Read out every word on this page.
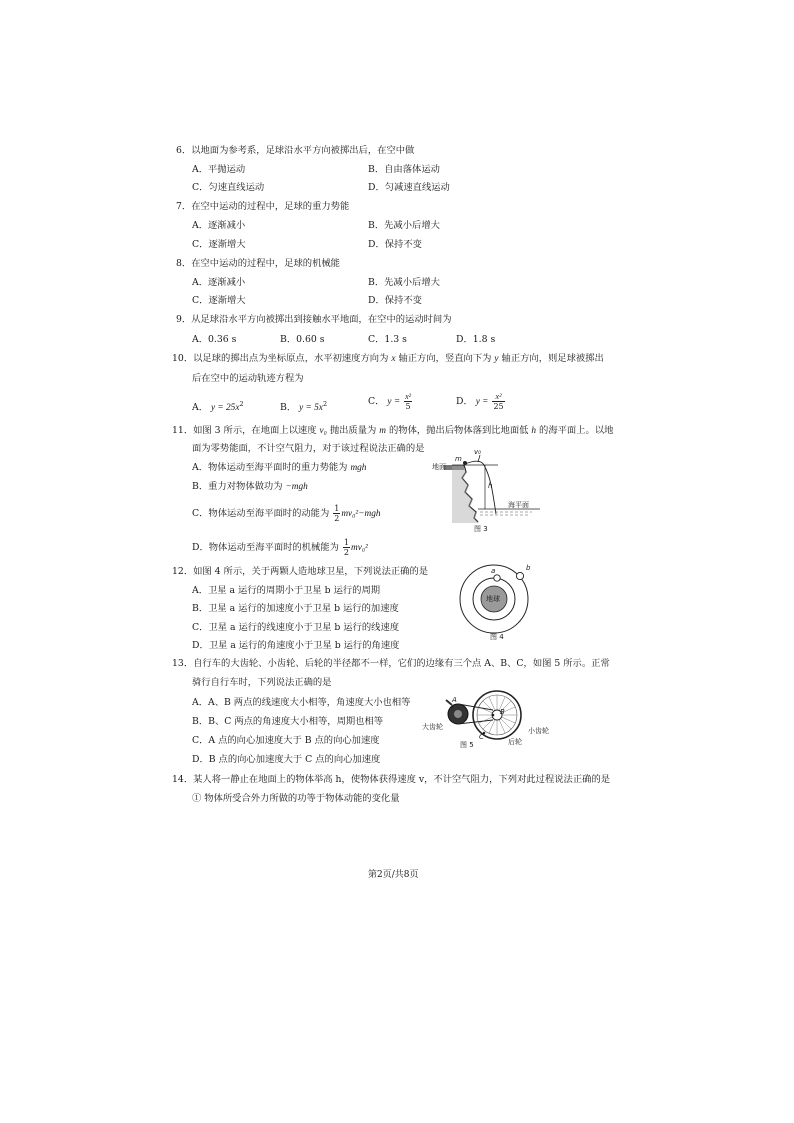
6．以地面为参考系，足球沿水平方向被掷出后，在空中做
A．平抛运动	B．自由落体运动
C．匀速直线运动	D．匀减速直线运动
7．在空中运动的过程中，足球的重力势能
A．逐渐减小	B．先减小后增大
C．逐渐增大	D．保持不变
8．在空中运动的过程中，足球的机械能
A．逐渐减小	B．先减小后增大
C．逐渐增大	D．保持不变
9．从足球沿水平方向被掷出到接触水平地面，在空中的运动时间为
A．0.36 s	B．0.60 s	C．1.3 s	D．1.8 s
10．以足球的掷出点为坐标原点，水平初速度方向为 x 轴正方向，竖直向下为 y 轴正方向，则足球被掷出
后在空中的运动轨迹方程为
A． $y = 25x^2$	B． $y = 5x^2$	C． $y = \frac{\text{x²}}{5}$	D． $y = \frac{\text{x²}}{25}$
11．如图 3 所示，在地面上以速度 v₀ 抛出质量为 m 的物体，抛出后物体落到比地面低 h 的海平面上。以地
面为零势能面，不计空气阻力，对于该过程说法正确的是
A．物体运动至海平面时的重力势能为 mgh
B．重力对物体做功为 −mgh
C．物体运动至海平面时的动能为 $\frac{1}{2} mv_0^2-mgh$
D．物体运动至海平面时的机械能为 $\frac{1}{2} mv_0^2$
地面
m
v₀
h
海平面
图 3
12．如图 4 所示，关于两颗人造地球卫星，下列说法正确的是
A．卫星 a 运行的周期小于卫星 b 运行的周期
B．卫星 a 运行的加速度小于卫星 b 运行的加速度
C．卫星 a 运行的线速度小于卫星 b 运行的线速度
D．卫星 a 运行的角速度小于卫星 b 运行的角速度
地球
a	b
图 4
13．自行车的大齿轮、小齿轮、后轮的半径都不一样，它们的边缘有三个点 A、B、C，如图 5 所示。正常
骑行自行车时，下列说法正确的是
A．A、B 两点的线速度大小相等，角速度大小也相等
B．B、C 两点的角速度大小相等，周期也相等
C．A 点的向心加速度大于 B 点的向心加速度
D．B 点的向心加速度大于 C 点的向心加速度
A
B
C
大齿轮	小齿轮
后轮
图 5
14．某人将一静止在地面上的物体举高 h，使物体获得速度 v，不计空气阻力，下列对此过程说法正确的是
① 物体所受合外力所做的功等于物体动能的变化量
第2页/共8页
